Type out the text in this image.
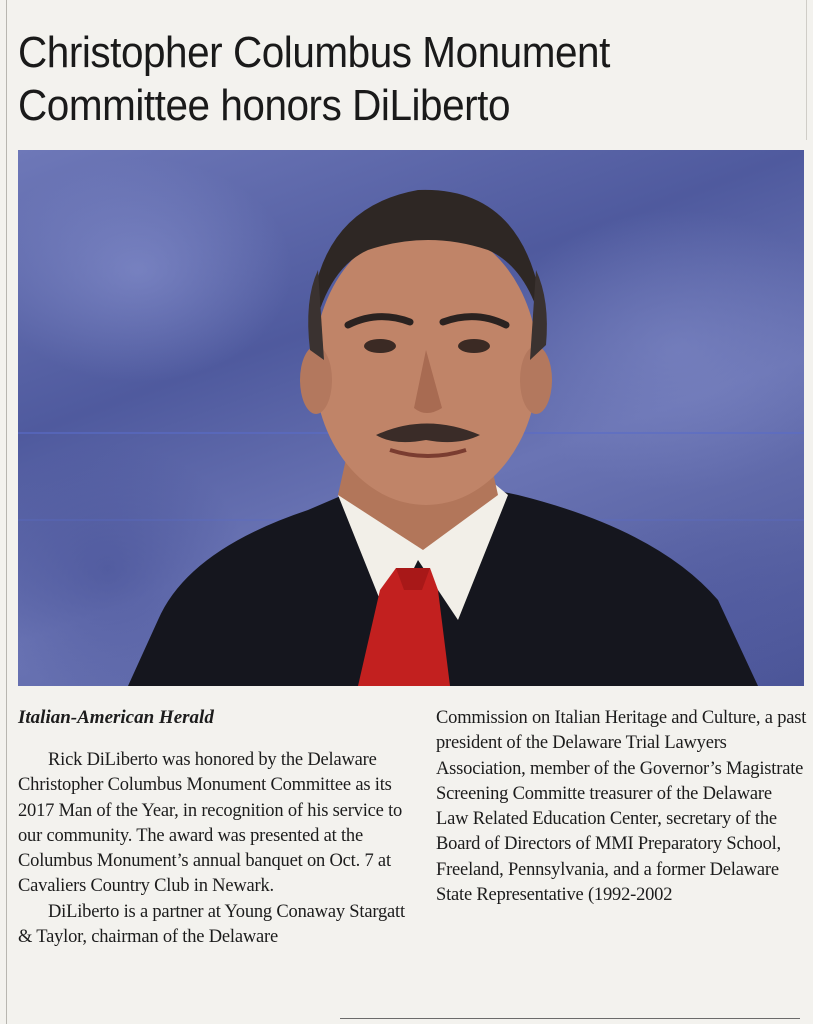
Christopher Columbus Monument
Committee honors DiLiberto

Italian-American Herald

Rick DiLiberto was honored by the Delaware Christopher Columbus Monument Committee as its 2017 Man of the Year, in recognition of his service to our community. The award was presented at the Columbus Monument’s annual banquet on Oct. 7 at Cavaliers Country Club in Newark.

DiLiberto is a partner at Young Conaway Stargatt & Taylor, chairman of the Delaware

Commission on Italian Heritage and Culture, a past president of the Delaware Trial Lawyers Association, member of the Governor’s Magistrate Screening Committe treasurer of the Delaware Law Related Education Center, secretary of the Board of Directors of MMI Preparatory School, Freeland, Pennsylvania, and a former Delaware State Representative (1992-2002
